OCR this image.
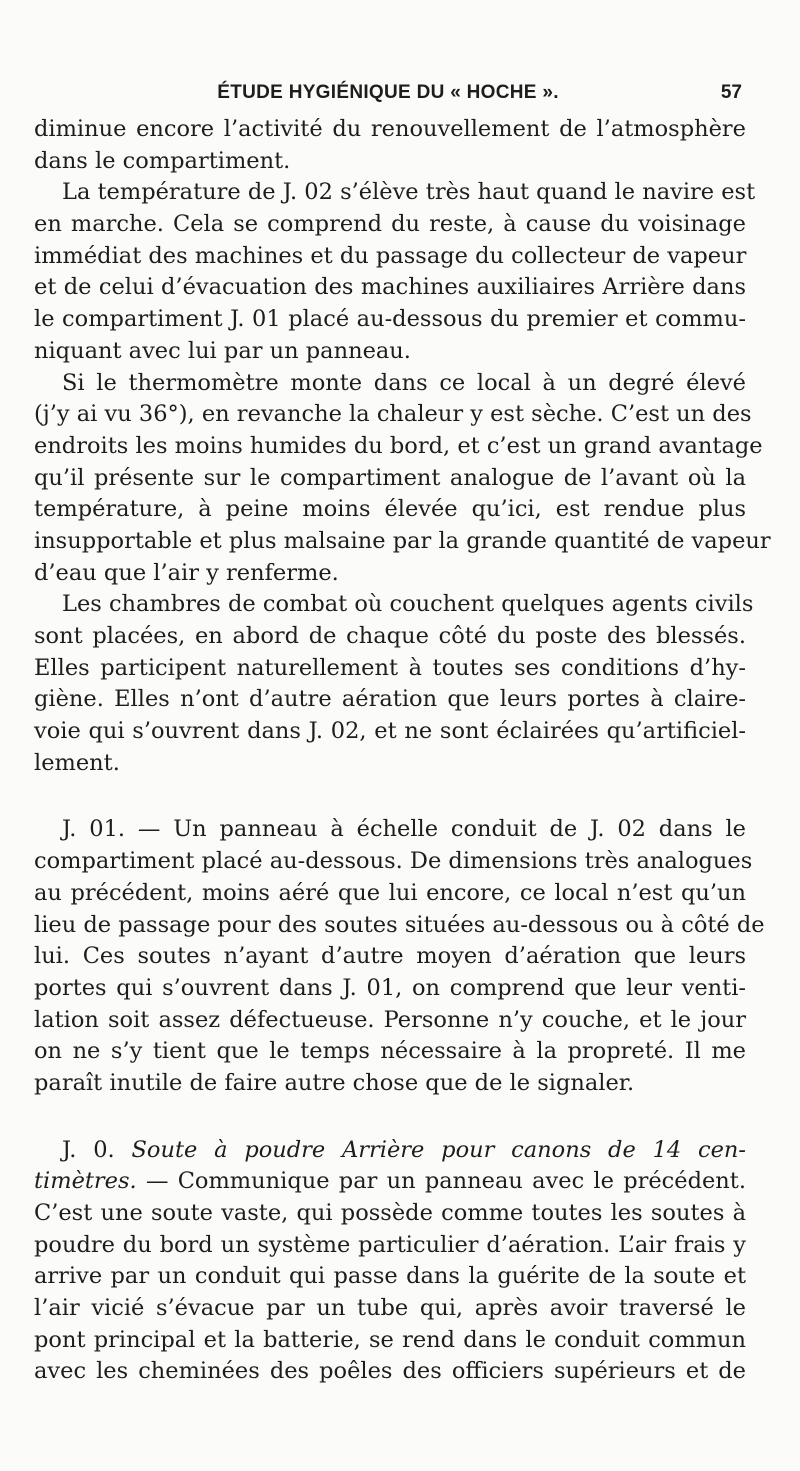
ÉTUDE HYGIÉNIQUE DU « HOCHE ».	57
diminue encore l’activité du renouvellement de l’atmosphère
dans le compartiment.
La température de J. 02 s’élève très haut quand le navire est
en marche. Cela se comprend du reste, à cause du voisinage
immédiat des machines et du passage du collecteur de vapeur
et de celui d’évacuation des machines auxiliaires Arrière dans
le compartiment J. 01 placé au-dessous du premier et commu-
niquant avec lui par un panneau.
Si le thermomètre monte dans ce local à un degré élevé
(j’y ai vu 36°), en revanche la chaleur y est sèche. C’est un des
endroits les moins humides du bord, et c’est un grand avantage
qu’il présente sur le compartiment analogue de l’avant où la
température, à peine moins élevée qu’ici, est rendue plus
insupportable et plus malsaine par la grande quantité de vapeur
d’eau que l’air y renferme.
Les chambres de combat où couchent quelques agents civils
sont placées, en abord de chaque côté du poste des blessés.
Elles participent naturellement à toutes ses conditions d’hy-
giène. Elles n’ont d’autre aération que leurs portes à claire-
voie qui s’ouvrent dans J. 02, et ne sont éclairées qu’artificiel-
lement.
J. 01. — Un panneau à échelle conduit de J. 02 dans le
compartiment placé au-dessous. De dimensions très analogues
au précédent, moins aéré que lui encore, ce local n’est qu’un
lieu de passage pour des soutes situées au-dessous ou à côté de
lui. Ces soutes n’ayant d’autre moyen d’aération que leurs
portes qui s’ouvrent dans J. 01, on comprend que leur venti-
lation soit assez défectueuse. Personne n’y couche, et le jour
on ne s’y tient que le temps nécessaire à la propreté. Il me
paraît inutile de faire autre chose que de le signaler.
J. 0. Soute à poudre Arrière pour canons de 14 cen-
timètres. — Communique par un panneau avec le précédent.
C’est une soute vaste, qui possède comme toutes les soutes à
poudre du bord un système particulier d’aération. L’air frais y
arrive par un conduit qui passe dans la guérite de la soute et
l’air vicié s’évacue par un tube qui, après avoir traversé le
pont principal et la batterie, se rend dans le conduit commun
avec les cheminées des poêles des officiers supérieurs et de
